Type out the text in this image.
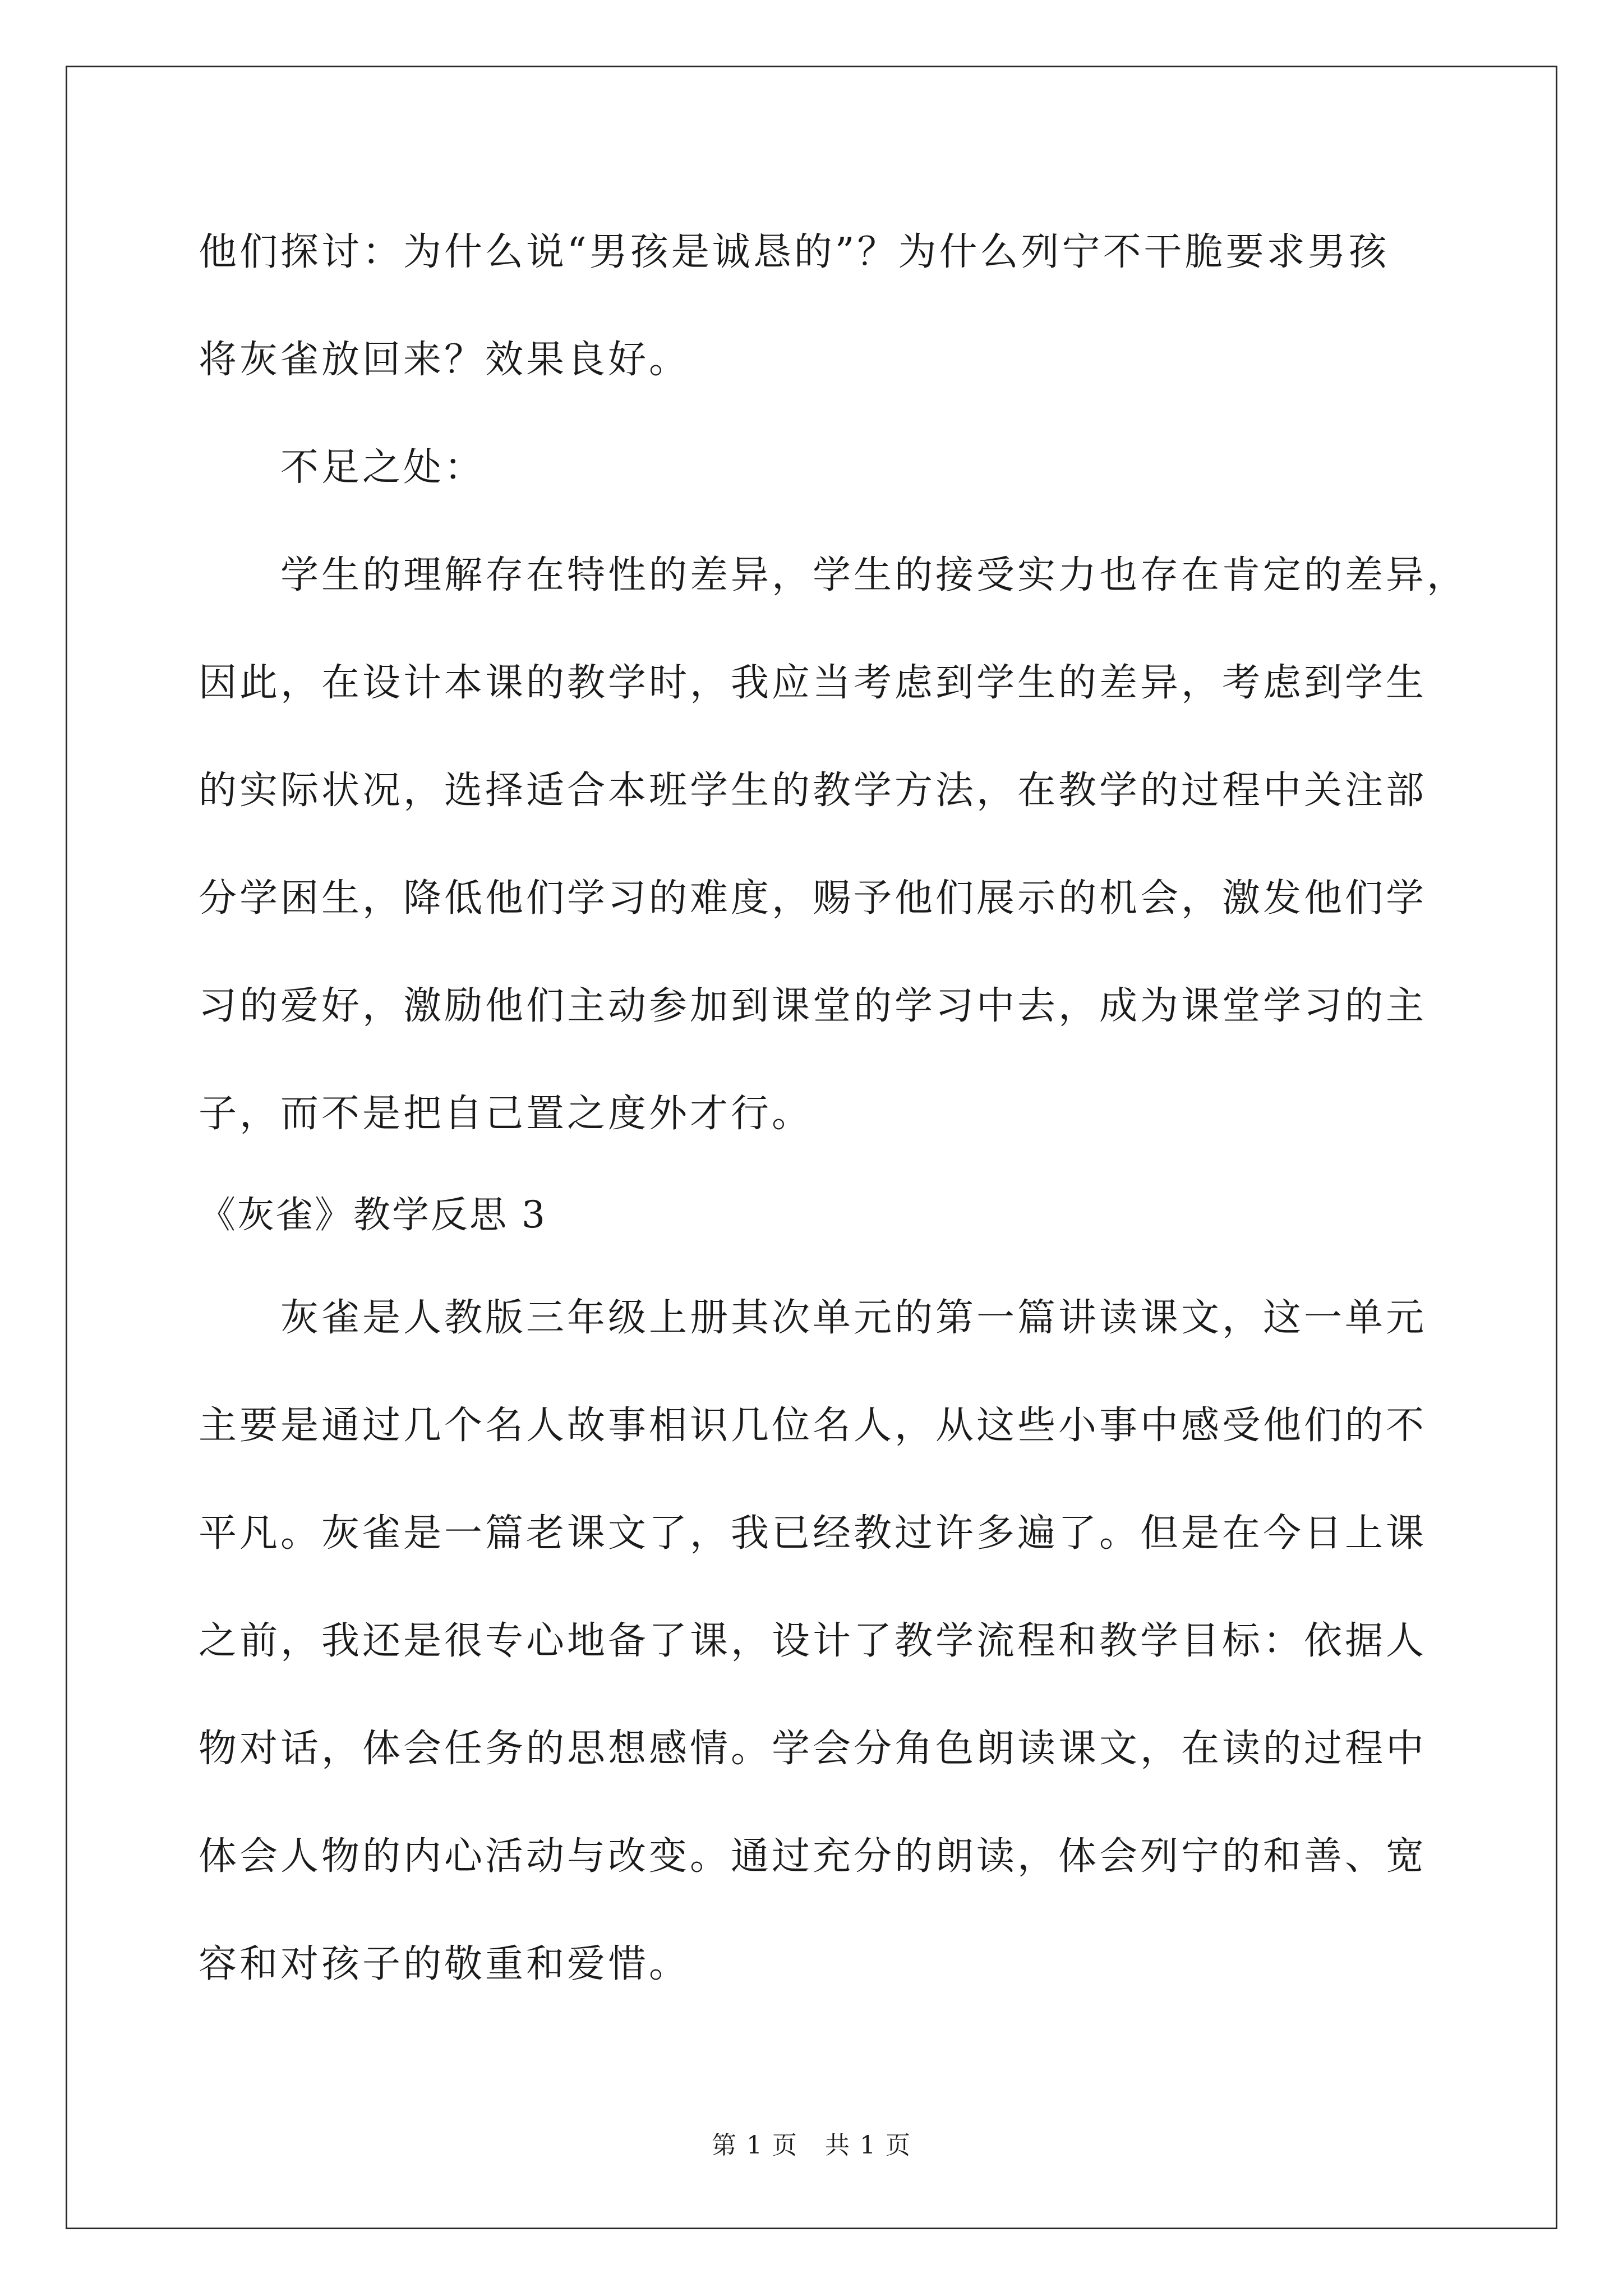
他们探讨：为什么说“男孩是诚恳的”？为什么列宁不干脆要求男孩
将灰雀放回来？效果良好。
不足之处：
学生的理解存在特性的差异，学生的接受实力也存在肯定的差异，
因此，在设计本课的教学时，我应当考虑到学生的差异，考虑到学生
的实际状况，选择适合本班学生的教学方法，在教学的过程中关注部
分学困生，降低他们学习的难度，赐予他们展示的机会，激发他们学
习的爱好，激励他们主动参加到课堂的学习中去，成为课堂学习的主
子，而不是把自己置之度外才行。
《灰雀》教学反思 3
灰雀是人教版三年级上册其次单元的第一篇讲读课文，这一单元
主要是通过几个名人故事相识几位名人，从这些小事中感受他们的不
平凡。灰雀是一篇老课文了，我已经教过许多遍了。但是在今日上课
之前，我还是很专心地备了课，设计了教学流程和教学目标：依据人
物对话，体会任务的思想感情。学会分角色朗读课文，在读的过程中
体会人物的内心活动与改变。通过充分的朗读，体会列宁的和善、宽
容和对孩子的敬重和爱惜。
第 1 页 共 1 页
